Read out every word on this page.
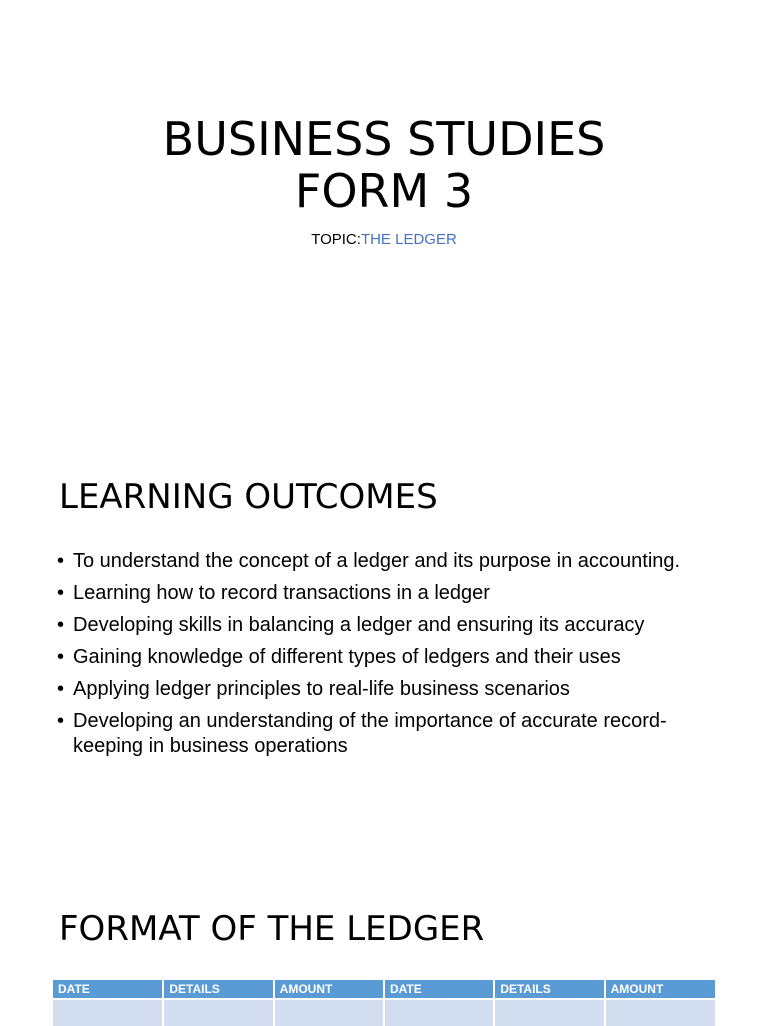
BUSINESS STUDIES
FORM 3
TOPIC:THE LEDGER
LEARNING OUTCOMES
• To understand the concept of a ledger and its purpose in accounting.
• Learning how to record transactions in a ledger
• Developing skills in balancing a ledger and ensuring its accuracy
• Gaining knowledge of different types of ledgers and their uses
• Applying ledger principles to real-life business scenarios
• Developing an understanding of the importance of accurate record-keeping in business operations
FORMAT OF THE LEDGER
DATE	DETAILS	AMOUNT	DATE	DETAILS	AMOUNT
